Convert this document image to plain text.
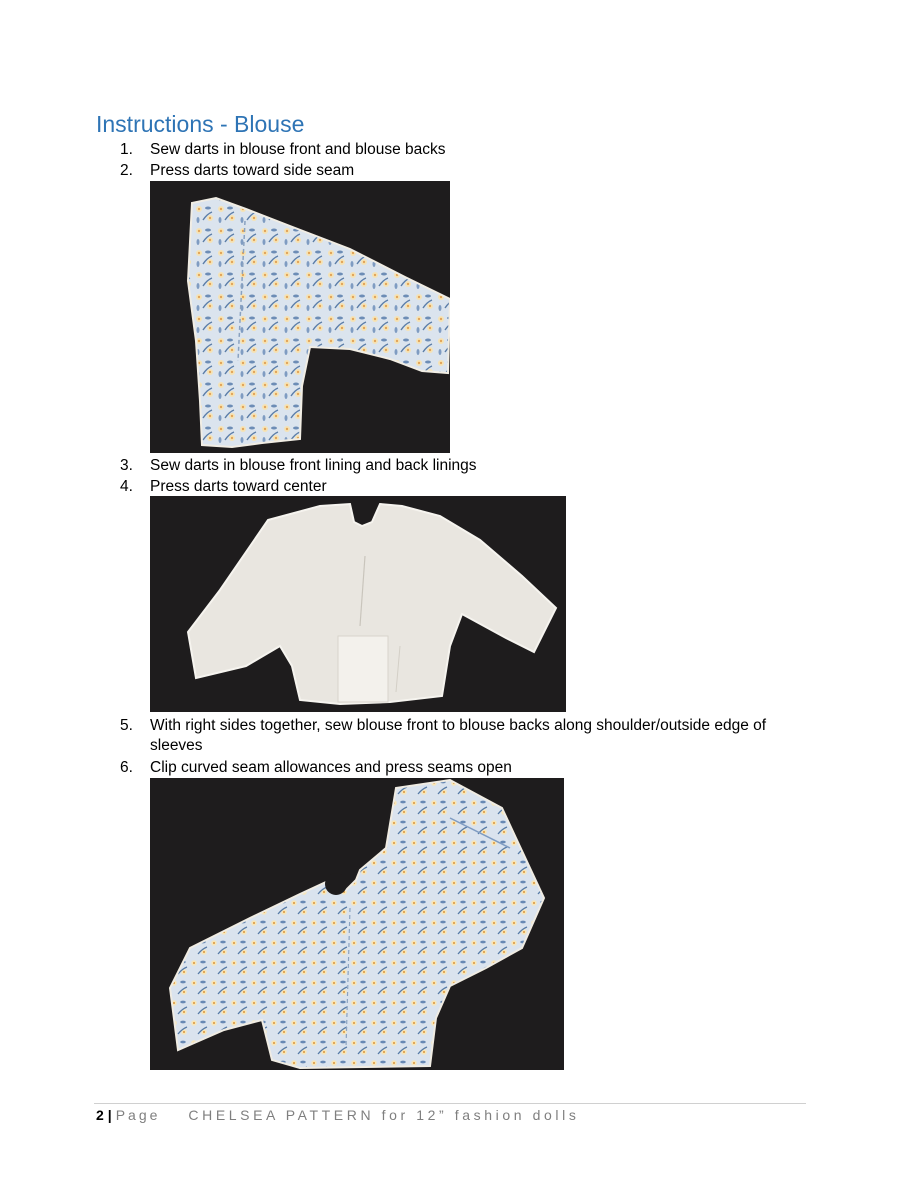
Instructions - Blouse

1.	Sew darts in blouse front and blouse backs

2.	Press darts toward side seam

3.	Sew darts in blouse front lining and back linings

4.	Press darts toward center

5.	With right sides together, sew blouse front to blouse backs along shoulder/outside edge of sleeves

6.	Clip curved seam allowances and press seams open

2 | Page CHELSEA PATTERN for 12” fashion dolls
